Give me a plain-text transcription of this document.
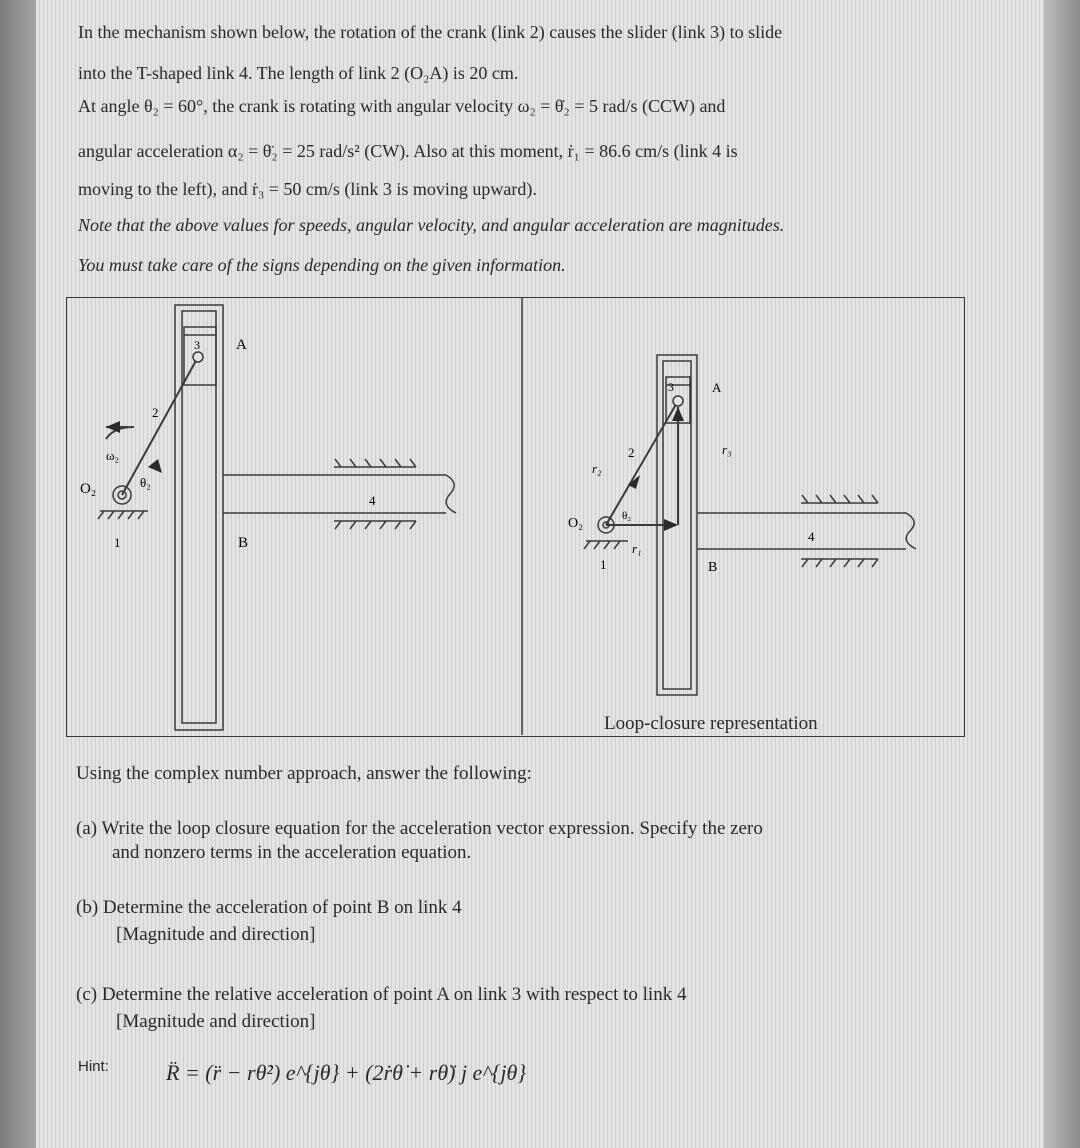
In the mechanism shown below, the rotation of the crank (link 2) causes the slider (link 3) to slide
into the T-shaped link 4. The length of link 2 (O₂A) is 20 cm.
At angle θ₂ = 60°, the crank is rotating with angular velocity ω₂ = θ̇₂ = 5 rad/s (CCW) and
angular acceleration α₂ = θ̈₂ = 25 rad/s² (CW). Also at this moment, ṙ₁ = 86.6 cm/s (link 4 is
moving to the left), and ṙ₃ = 50 cm/s (link 3 is moving upward).
Note that the above values for speeds, angular velocity, and angular acceleration are magnitudes.
You must take care of the signs depending on the given information.
3 A
2
ω₂
θ₂
O₂
1	B
4
3	A
2
r₂
r₃
r₁
θ₂
O₂
1	B
4
Loop-closure representation
Using the complex number approach, answer the following:
(a) Write the loop closure equation for the acceleration vector expression. Specify the zero
and nonzero terms in the acceleration equation.
(b) Determine the acceleration of point B on link 4
[Magnitude and direction]
(c) Determine the relative acceleration of point A on link 3 with respect to link 4
[Magnitude and direction]
Hint:	R̈ = (r̈ − rθ̇²) e^{jθ} + (2ṙθ̇ + rθ̈) j e^{jθ}
